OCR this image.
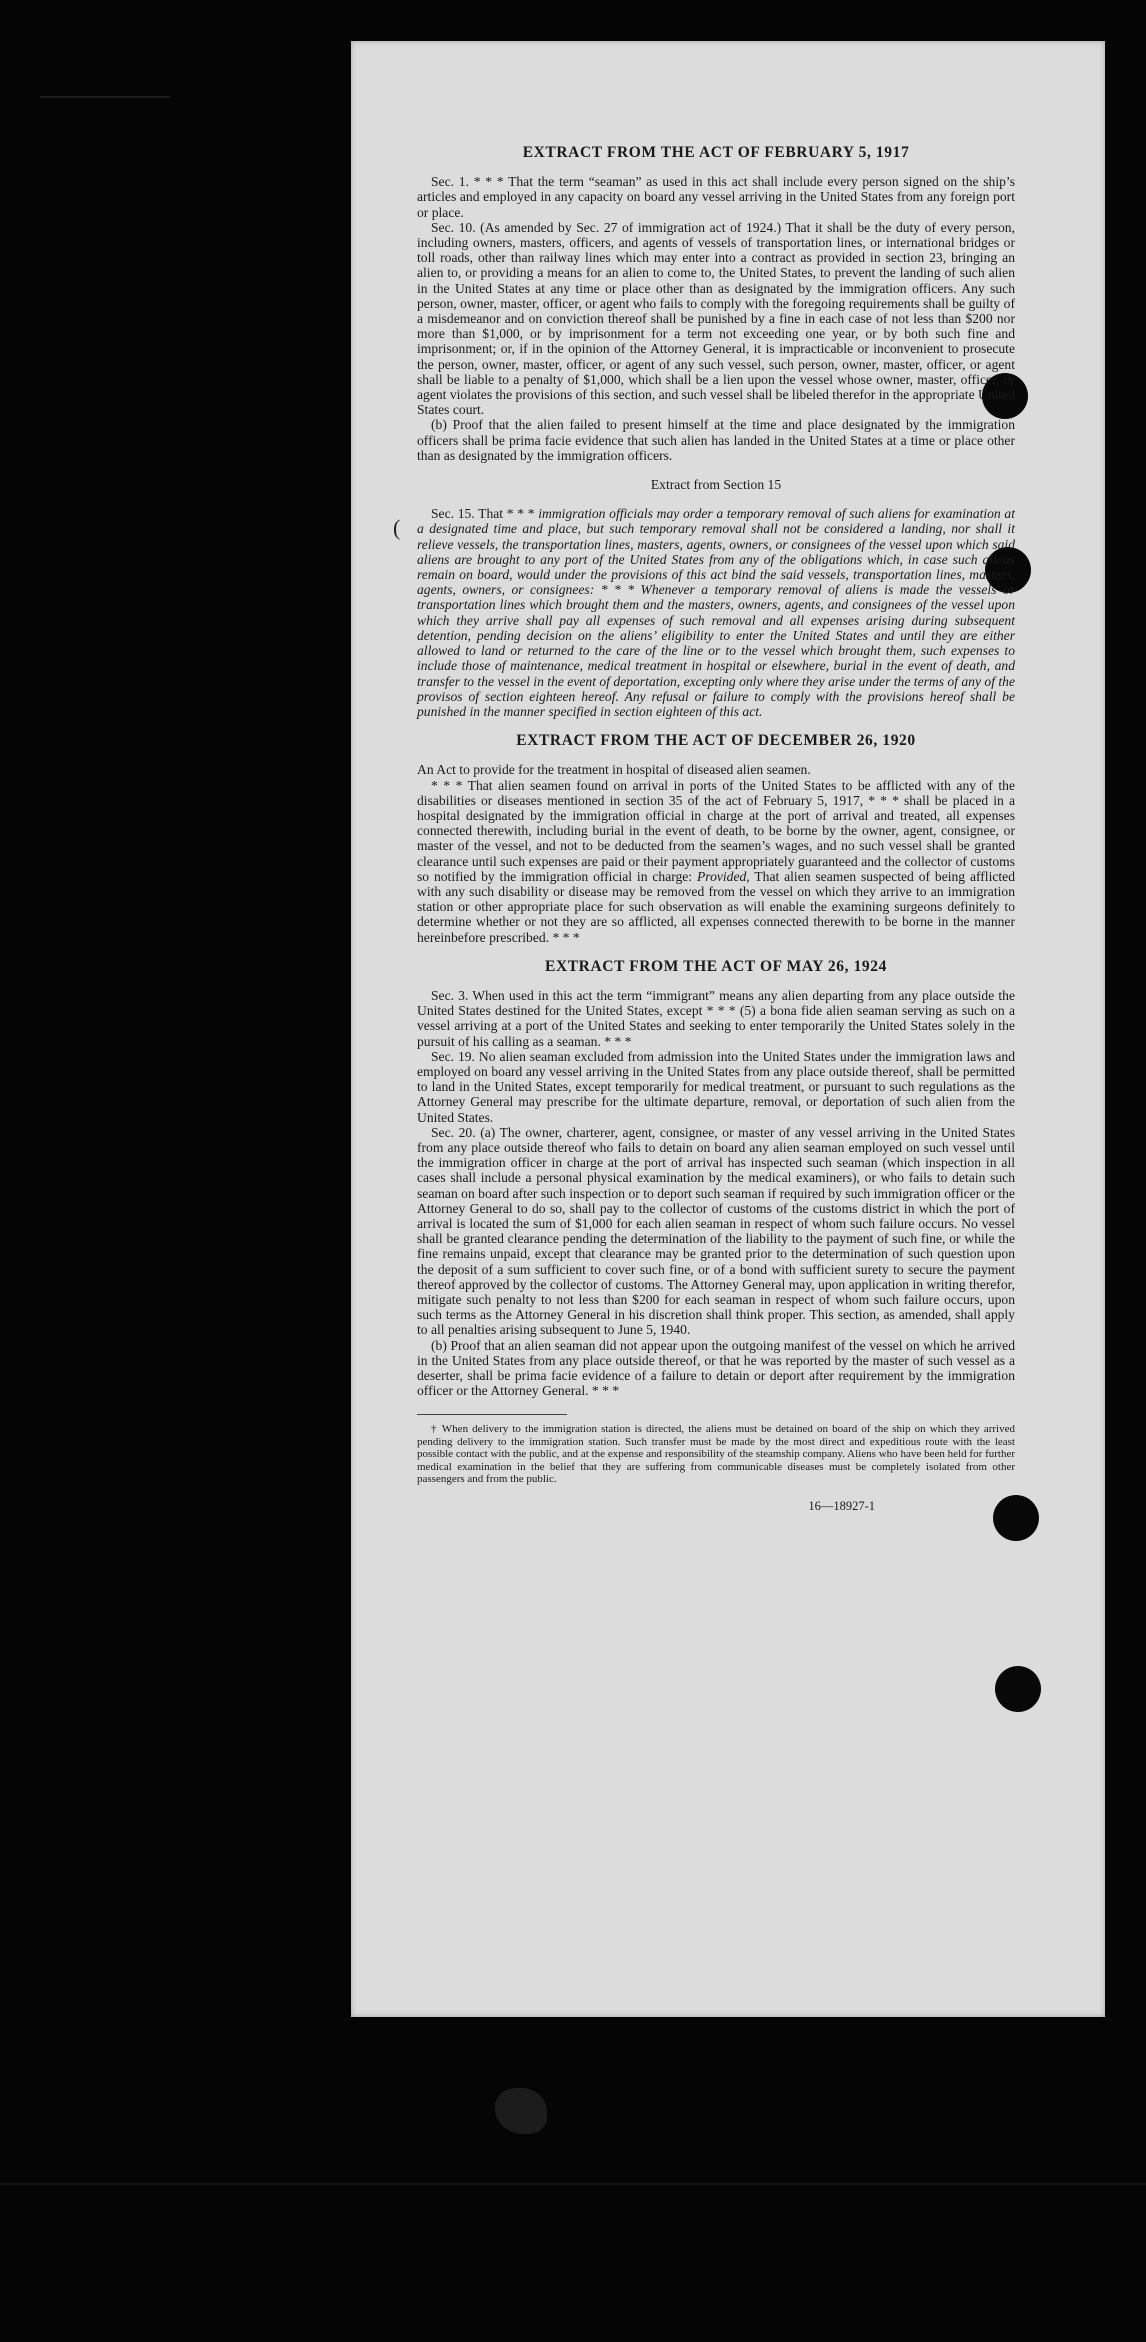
(
EXTRACT FROM THE ACT OF FEBRUARY 5, 1917

Sec. 1. * * * That the term “seaman” as used in this act shall include every person signed on the ship’s articles and employed in any capacity on board any vessel arriving in the United States from any foreign port or place.

Sec. 10. (As amended by Sec. 27 of immigration act of 1924.) That it shall be the duty of every person, including owners, masters, officers, and agents of vessels of transportation lines, or international bridges or toll roads, other than railway lines which may enter into a contract as provided in section 23, bringing an alien to, or providing a means for an alien to come to, the United States, to prevent the landing of such alien in the United States at any time or place other than as designated by the immigration officers. Any such person, owner, master, officer, or agent who fails to comply with the foregoing requirements shall be guilty of a misdemeanor and on conviction thereof shall be punished by a fine in each case of not less than $200 nor more than $1,000, or by imprisonment for a term not exceeding one year, or by both such fine and imprisonment; or, if in the opinion of the Attorney General, it is impracticable or inconvenient to prosecute the person, owner, master, officer, or agent of any such vessel, such person, owner, master, officer, or agent shall be liable to a penalty of $1,000, which shall be a lien upon the vessel whose owner, master, officer, or agent violates the provisions of this section, and such vessel shall be libeled therefor in the appropriate United States court.

(b) Proof that the alien failed to present himself at the time and place designated by the immigration officers shall be prima facie evidence that such alien has landed in the United States at a time or place other than as designated by the immigration officers.

Extract from Section 15

Sec. 15. That * * * immigration officials may order a temporary removal of such aliens for examination at a designated time and place, but such temporary removal shall not be considered a landing, nor shall it relieve vessels, the transportation lines, masters, agents, owners, or consignees of the vessel upon which said aliens are brought to any port of the United States from any of the obligations which, in case such aliens remain on board, would under the provisions of this act bind the said vessels, transportation lines, masters, agents, owners, or consignees: * * * Whenever a temporary removal of aliens is made the vessels or transportation lines which brought them and the masters, owners, agents, and consignees of the vessel upon which they arrive shall pay all expenses of such removal and all expenses arising during subsequent detention, pending decision on the aliens’ eligibility to enter the United States and until they are either allowed to land or returned to the care of the line or to the vessel which brought them, such expenses to include those of maintenance, medical treatment in hospital or elsewhere, burial in the event of death, and transfer to the vessel in the event of deportation, excepting only where they arise under the terms of any of the provisos of section eighteen hereof. Any refusal or failure to comply with the provisions hereof shall be punished in the manner specified in section eighteen of this act.

EXTRACT FROM THE ACT OF DECEMBER 26, 1920

An Act to provide for the treatment in hospital of diseased alien seamen.

* * * That alien seamen found on arrival in ports of the United States to be afflicted with any of the disabilities or diseases mentioned in section 35 of the act of February 5, 1917, * * * shall be placed in a hospital designated by the immigration official in charge at the port of arrival and treated, all expenses connected therewith, including burial in the event of death, to be borne by the owner, agent, consignee, or master of the vessel, and not to be deducted from the seamen’s wages, and no such vessel shall be granted clearance until such expenses are paid or their payment appropriately guaranteed and the collector of customs so notified by the immigration official in charge: Provided, That alien seamen suspected of being afflicted with any such disability or disease may be removed from the vessel on which they arrive to an immigration station or other appropriate place for such observation as will enable the examining surgeons definitely to determine whether or not they are so afflicted, all expenses connected therewith to be borne in the manner hereinbefore prescribed. * * *

EXTRACT FROM THE ACT OF MAY 26, 1924

Sec. 3. When used in this act the term “immigrant” means any alien departing from any place outside the United States destined for the United States, except * * * (5) a bona fide alien seaman serving as such on a vessel arriving at a port of the United States and seeking to enter temporarily the United States solely in the pursuit of his calling as a seaman. * * *

Sec. 19. No alien seaman excluded from admission into the United States under the immigration laws and employed on board any vessel arriving in the United States from any place outside thereof, shall be permitted to land in the United States, except temporarily for medical treatment, or pursuant to such regulations as the Attorney General may prescribe for the ultimate departure, removal, or deportation of such alien from the United States.

Sec. 20. (a) The owner, charterer, agent, consignee, or master of any vessel arriving in the United States from any place outside thereof who fails to detain on board any alien seaman employed on such vessel until the immigration officer in charge at the port of arrival has inspected such seaman (which inspection in all cases shall include a personal physical examination by the medical examiners), or who fails to detain such seaman on board after such inspection or to deport such seaman if required by such immigration officer or the Attorney General to do so, shall pay to the collector of customs of the customs district in which the port of arrival is located the sum of $1,000 for each alien seaman in respect of whom such failure occurs. No vessel shall be granted clearance pending the determination of the liability to the payment of such fine, or while the fine remains unpaid, except that clearance may be granted prior to the determination of such question upon the deposit of a sum sufficient to cover such fine, or of a bond with sufficient surety to secure the payment thereof approved by the collector of customs. The Attorney General may, upon application in writing therefor, mitigate such penalty to not less than $200 for each seaman in respect of whom such failure occurs, upon such terms as the Attorney General in his discretion shall think proper. This section, as amended, shall apply to all penalties arising subsequent to June 5, 1940.

(b) Proof that an alien seaman did not appear upon the outgoing manifest of the vessel on which he arrived in the United States from any place outside thereof, or that he was reported by the master of such vessel as a deserter, shall be prima facie evidence of a failure to detain or deport after requirement by the immigration officer or the Attorney General. * * *

† When delivery to the immigration station is directed, the aliens must be detained on board of the ship on which they arrived pending delivery to the immigration station. Such transfer must be made by the most direct and expeditious route with the least possible contact with the public, and at the expense and responsibility of the steamship company. Aliens who have been held for further medical examination in the belief that they are suffering from communicable diseases must be completely isolated from other passengers and from the public.

16—18927-1
